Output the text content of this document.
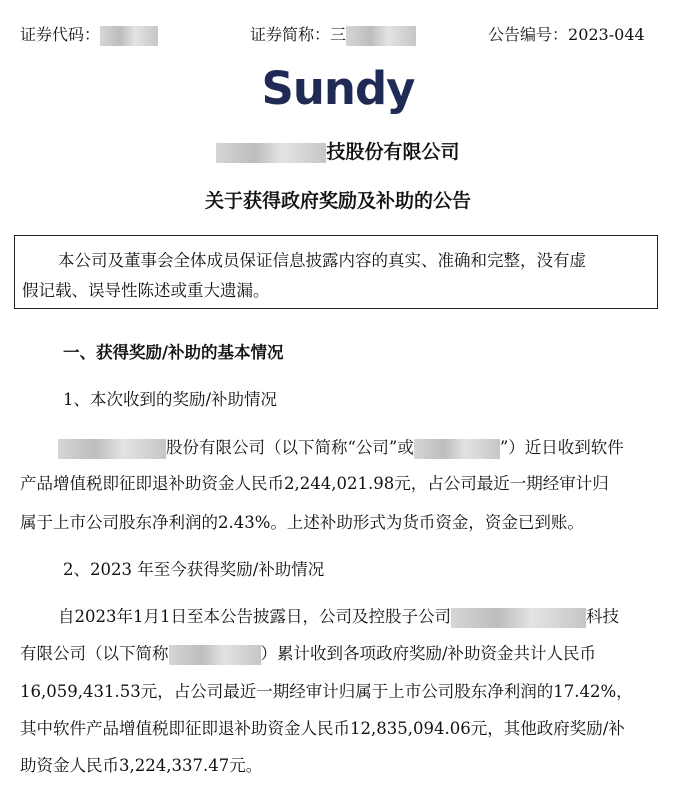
证券代码：	证券简称：三	公告编号：2023-044
Sundy
技股份有限公司
关于获得政府奖励及补助的公告
本公司及董事会全体成员保证信息披露内容的真实、准确和完整，没有虚
假记载、误导性陈述或重大遗漏。
一、获得奖励/补助的基本情况
1、本次收到的奖励/补助情况
股份有限公司（以下简称“公司”或	”）近日收到软件
产品增值税即征即退补助资金人民币2,244,021.98元，占公司最近一期经审计归
属于上市公司股东净利润的2.43%。上述补助形式为货币资金，资金已到账。
2、2023 年至今获得奖励/补助情况
自2023年1月1日至本公告披露日，公司及控股子公司	科技
有限公司（以下简称	）累计收到各项政府奖励/补助资金共计人民币
16,059,431.53元，占公司最近一期经审计归属于上市公司股东净利润的17.42%，
其中软件产品增值税即征即退补助资金人民币12,835,094.06元，其他政府奖励/补
助资金人民币3,224,337.47元。
